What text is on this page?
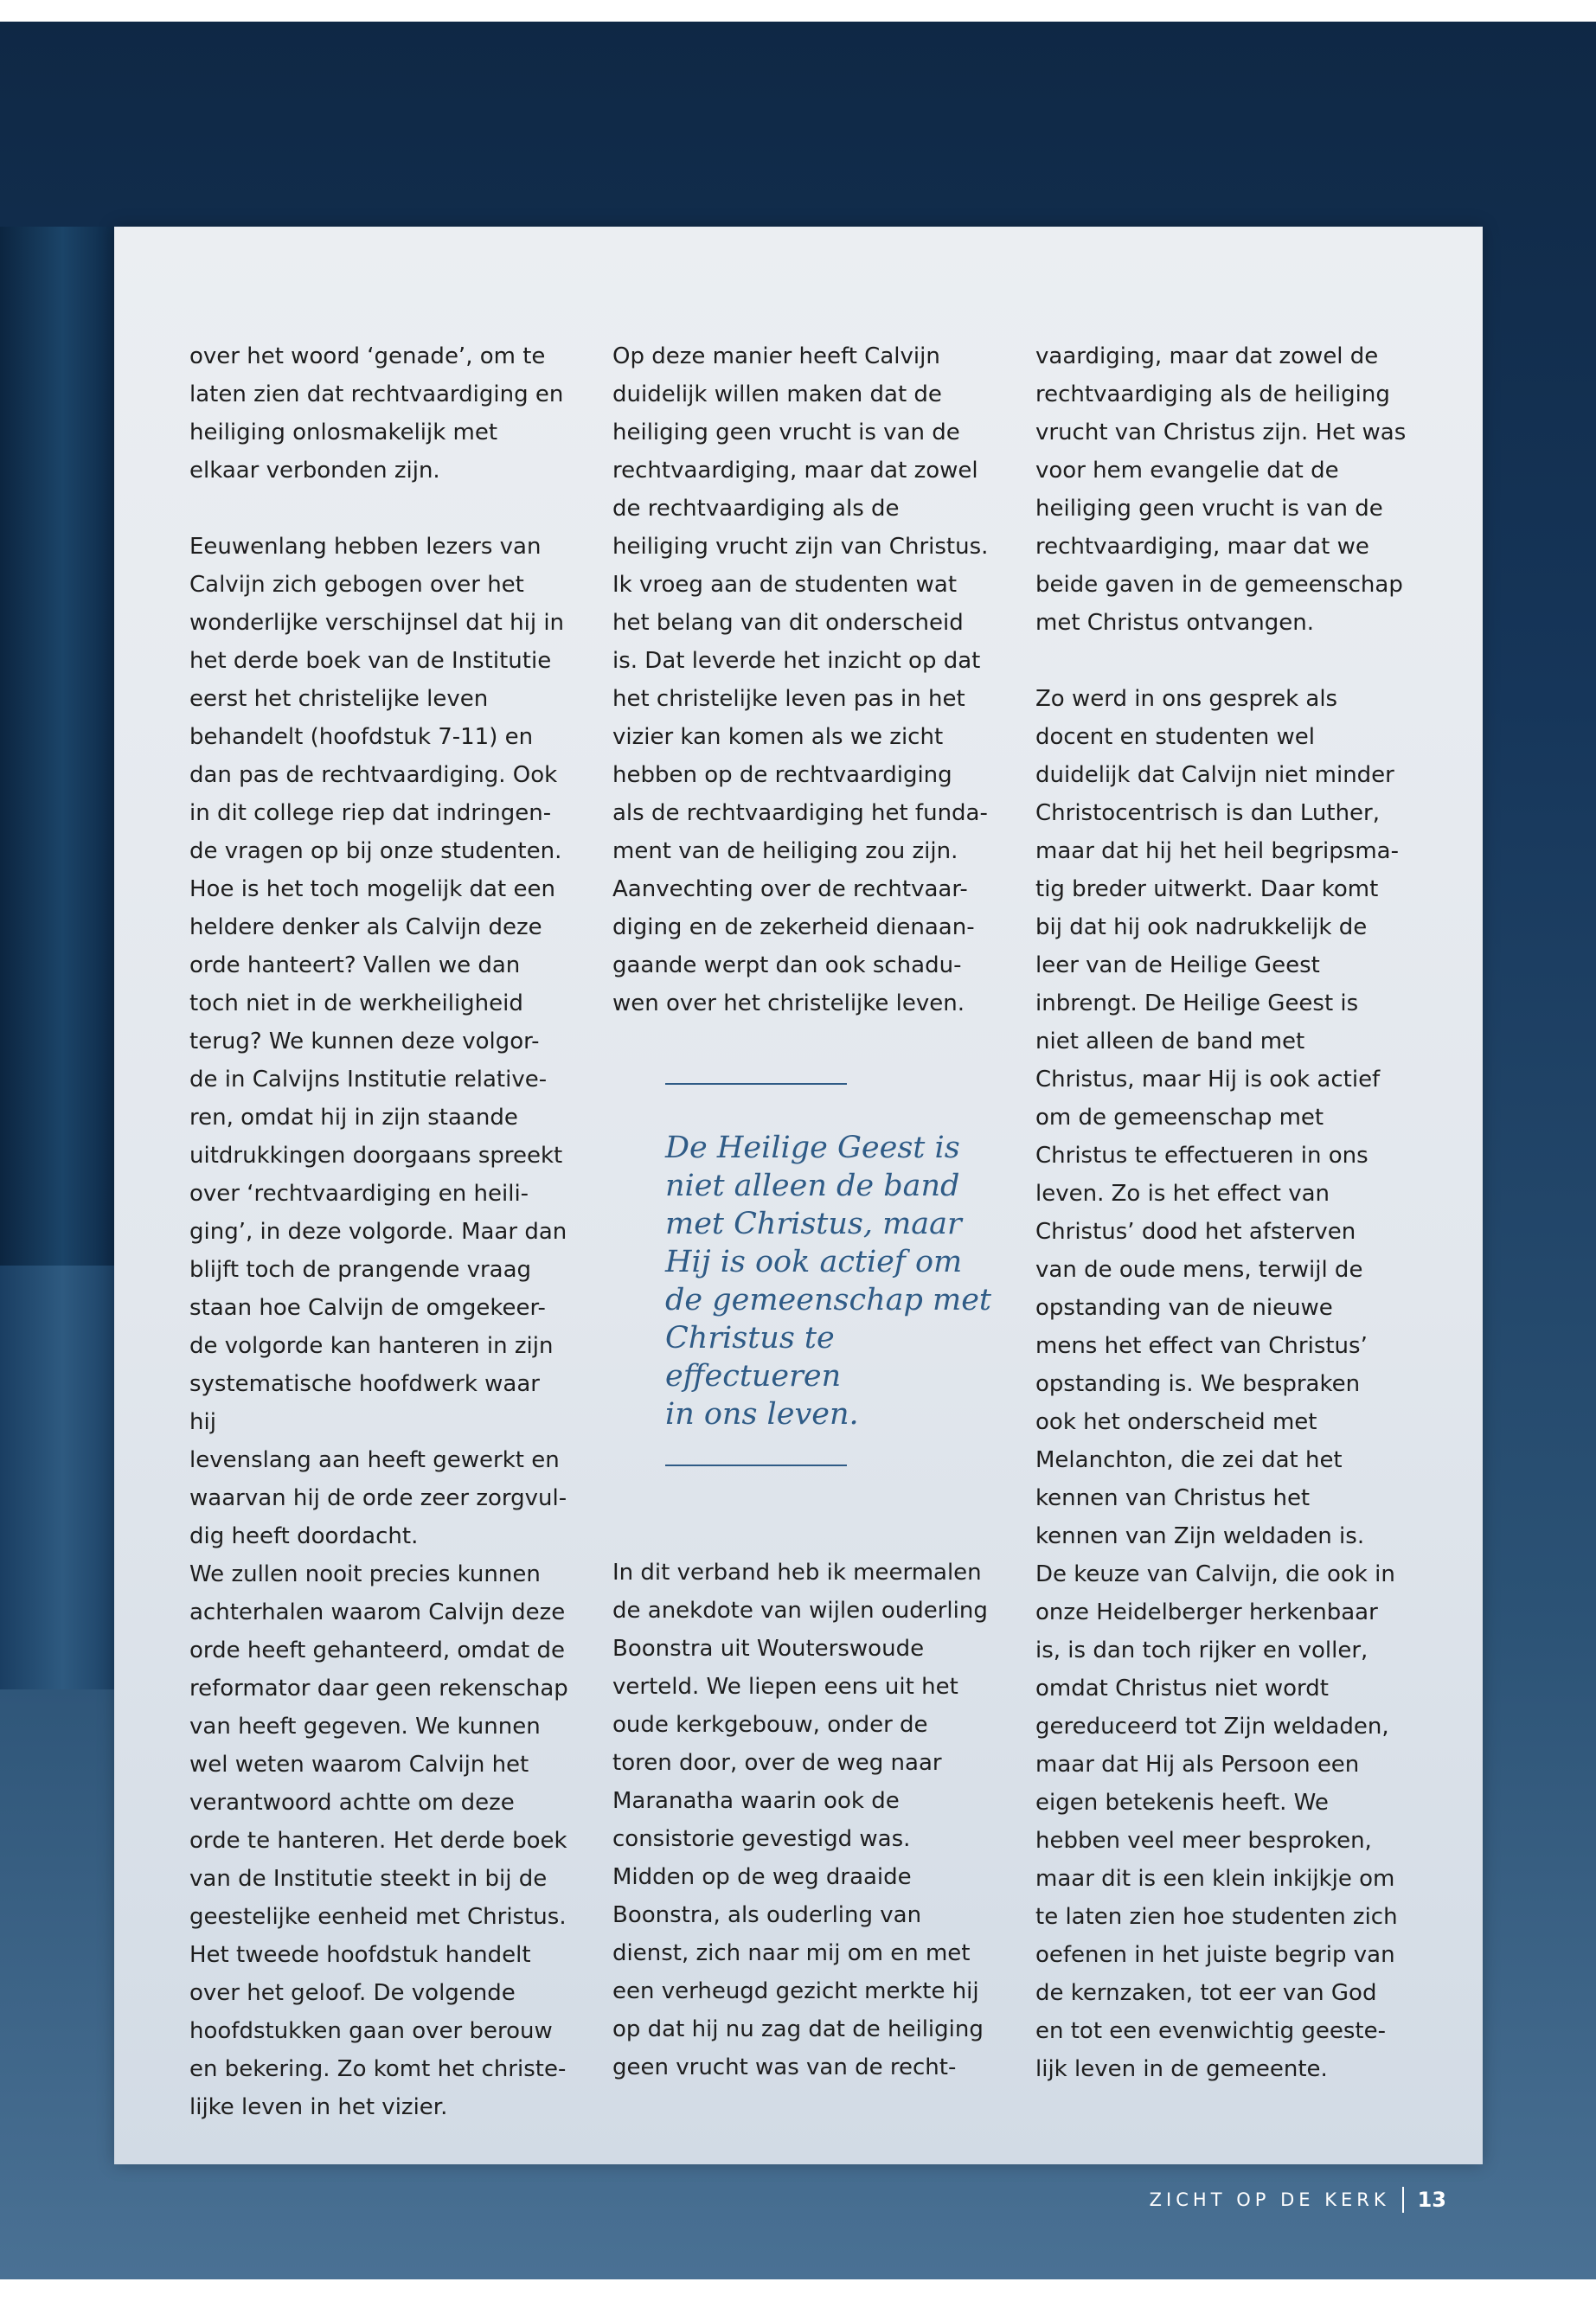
over het woord ‘genade’, om te
laten zien dat rechtvaardiging en
heiliging onlosmakelijk met
elkaar verbonden zijn.

Eeuwenlang hebben lezers van
Calvijn zich gebogen over het
wonderlijke verschijnsel dat hij in
het derde boek van de Institutie
eerst het christelijke leven
behandelt (hoofdstuk 7-11) en
dan pas de rechtvaardiging. Ook
in dit college riep dat indringen-
de vragen op bij onze studenten.
Hoe is het toch mogelijk dat een
heldere denker als Calvijn deze
orde hanteert? Vallen we dan
toch niet in de werkheiligheid
terug? We kunnen deze volgor-
de in Calvijns Institutie relative-
ren, omdat hij in zijn staande
uitdrukkingen doorgaans spreekt
over ‘rechtvaardiging en heili-
ging’, in deze volgorde. Maar dan
blijft toch de prangende vraag
staan hoe Calvijn de omgekeer-
de volgorde kan hanteren in zijn
systematische hoofdwerk waar hij
levenslang aan heeft gewerkt en
waarvan hij de orde zeer zorgvul-
dig heeft doordacht.

We zullen nooit precies kunnen
achterhalen waarom Calvijn deze
orde heeft gehanteerd, omdat de
reformator daar geen rekenschap
van heeft gegeven. We kunnen
wel weten waarom Calvijn het
verantwoord achtte om deze
orde te hanteren. Het derde boek
van de Institutie steekt in bij de
geestelijke eenheid met Christus.
Het tweede hoofdstuk handelt
over het geloof. De volgende
hoofdstukken gaan over berouw
en bekering. Zo komt het christe-
lijke leven in het vizier.

Op deze manier heeft Calvijn
duidelijk willen maken dat de
heiliging geen vrucht is van de
rechtvaardiging, maar dat zowel
de rechtvaardiging als de
heiliging vrucht zijn van Christus.
Ik vroeg aan de studenten wat
het belang van dit onderscheid
is. Dat leverde het inzicht op dat
het christelijke leven pas in het
vizier kan komen als we zicht
hebben op de rechtvaardiging
als de rechtvaardiging het funda-
ment van de heiliging zou zijn.
Aanvechting over de rechtvaar-
diging en de zekerheid dienaan-
gaande werpt dan ook schadu-
wen over het christelijke leven.

De Heilige Geest is
niet alleen de band
met Christus, maar
Hij is ook actief om
de gemeenschap met
Christus te effectueren
in ons leven.

In dit verband heb ik meermalen
de anekdote van wijlen ouderling
Boonstra uit Wouterswoude
verteld. We liepen eens uit het
oude kerkgebouw, onder de
toren door, over de weg naar
Maranatha waarin ook de
consistorie gevestigd was.
Midden op de weg draaide
Boonstra, als ouderling van
dienst, zich naar mij om en met
een verheugd gezicht merkte hij
op dat hij nu zag dat de heiliging
geen vrucht was van de recht-

vaardiging, maar dat zowel de
rechtvaardiging als de heiliging
vrucht van Christus zijn. Het was
voor hem evangelie dat de
heiliging geen vrucht is van de
rechtvaardiging, maar dat we
beide gaven in de gemeenschap
met Christus ontvangen.

Zo werd in ons gesprek als
docent en studenten wel
duidelijk dat Calvijn niet minder
Christocentrisch is dan Luther,
maar dat hij het heil begripsma-
tig breder uitwerkt. Daar komt
bij dat hij ook nadrukkelijk de
leer van de Heilige Geest
inbrengt. De Heilige Geest is
niet alleen de band met
Christus, maar Hij is ook actief
om de gemeenschap met
Christus te effectueren in ons
leven. Zo is het effect van
Christus’ dood het afsterven
van de oude mens, terwijl de
opstanding van de nieuwe
mens het effect van Christus’
opstanding is. We bespraken
ook het onderscheid met
Melanchton, die zei dat het
kennen van Christus het
kennen van Zijn weldaden is.

De keuze van Calvijn, die ook in
onze Heidelberger herkenbaar
is, is dan toch rijker en voller,
omdat Christus niet wordt
gereduceerd tot Zijn weldaden,
maar dat Hij als Persoon een
eigen betekenis heeft. We
hebben veel meer besproken,
maar dit is een klein inkijkje om
te laten zien hoe studenten zich
oefenen in het juiste begrip van
de kernzaken, tot eer van God
en tot een evenwichtig geeste-
lijk leven in de gemeente.

ZICHT OP DE KERK 13
